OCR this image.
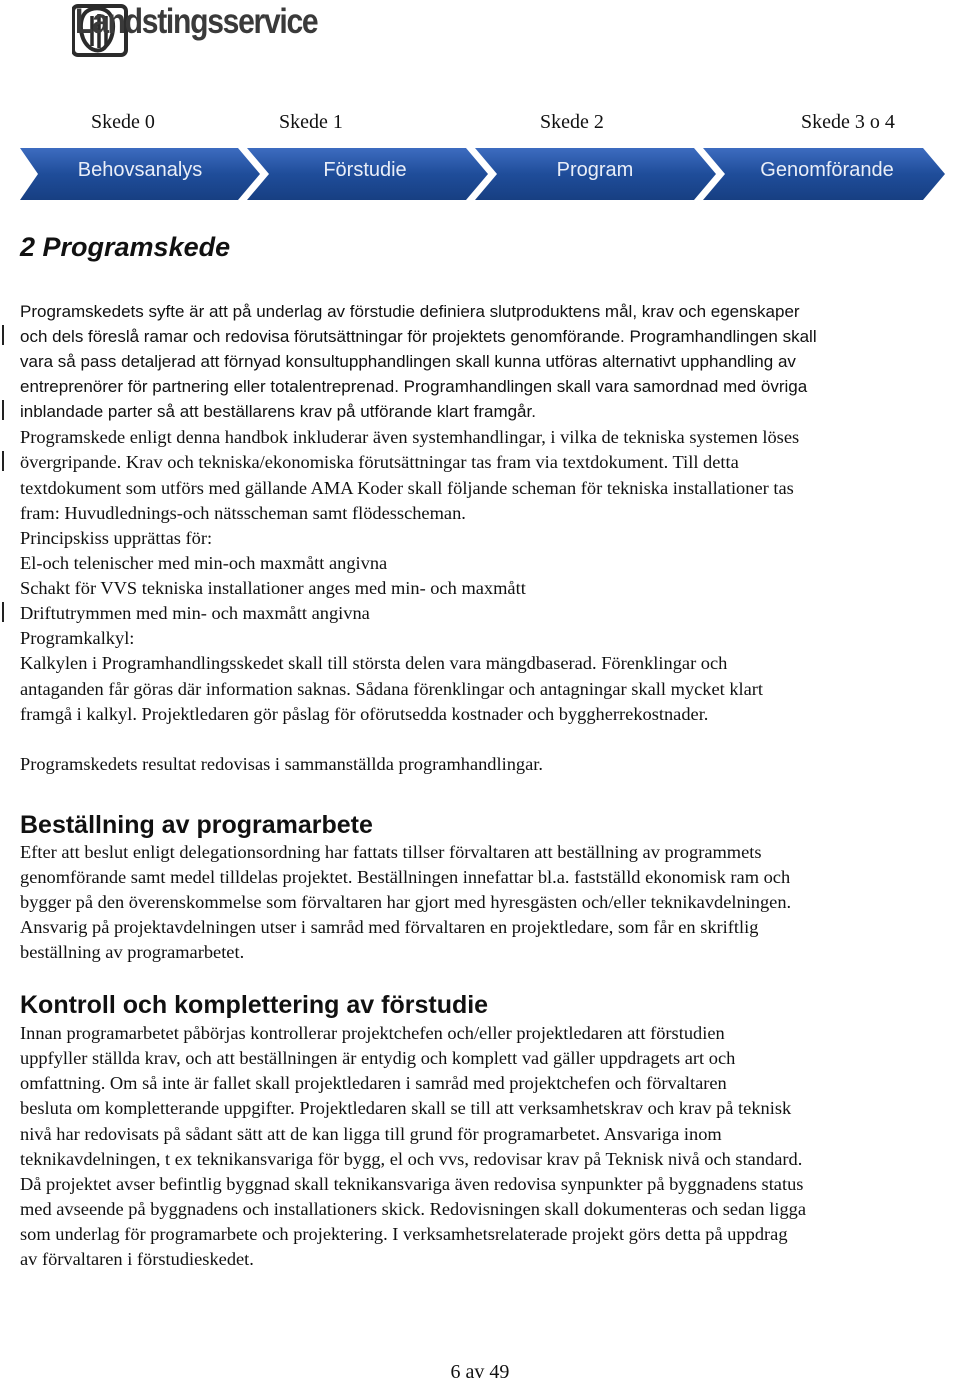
Landstingsservice
Skede 0	Skede 1	Skede 2	Skede 3 o 4
Behovsanalys	Förstudie	Program	Genomförande
2 Programskede
Programskedets syfte är att på underlag av förstudie definiera slutproduktens mål, krav och egenskaper
och dels föreslå ramar och redovisa förutsättningar för projektets genomförande. Programhandlingen skall
vara så pass detaljerad att förnyad konsultupphandlingen skall kunna utföras alternativt upphandling av
entreprenörer för partnering eller totalentreprenad. Programhandlingen skall vara samordnad med övriga
inblandade parter så att beställarens krav på utförande klart framgår.
Programskede enligt denna handbok inkluderar även systemhandlingar, i vilka de tekniska systemen löses
övergripande. Krav och tekniska/ekonomiska förutsättningar tas fram via textdokument. Till detta
textdokument som utförs med gällande AMA Koder skall följande scheman för tekniska installationer tas
fram: Huvudlednings-och nätsscheman samt flödesscheman.
Principskiss upprättas för:
El-och telenischer med min-och maxmått angivna
Schakt för VVS tekniska installationer anges med min- och maxmått
Driftutrymmen med min- och maxmått angivna
Programkalkyl:
Kalkylen i Programhandlingsskedet skall till största delen vara mängdbaserad. Förenklingar och
antaganden får göras där information saknas. Sådana förenklingar och antagningar skall mycket klart
framgå i kalkyl. Projektledaren gör påslag för oförutsedda kostnader och byggherrekostnader.
Programskedets resultat redovisas i sammanställda programhandlingar.
Beställning av programarbete
Efter att beslut enligt delegationsordning har fattats tillser förvaltaren att beställning av programmets
genomförande samt medel tilldelas projektet. Beställningen innefattar bl.a. fastställd ekonomisk ram och
bygger på den överenskommelse som förvaltaren har gjort med hyresgästen och/eller teknikavdelningen.
Ansvarig på projektavdelningen utser i samråd med förvaltaren en projektledare, som får en skriftlig
beställning av programarbetet.
Kontroll och komplettering av förstudie
Innan programarbetet påbörjas kontrollerar projektchefen och/eller projektledaren att förstudien
uppfyller ställda krav, och att beställningen är entydig och komplett vad gäller uppdragets art och
omfattning. Om så inte är fallet skall projektledaren i samråd med projektchefen och förvaltaren
besluta om kompletterande uppgifter. Projektledaren skall se till att verksamhetskrav och krav på teknisk
nivå har redovisats på sådant sätt att de kan ligga till grund för programarbetet. Ansvariga inom
teknikavdelningen, t ex teknikansvariga för bygg, el och vvs, redovisar krav på Teknisk nivå och standard.
Då projektet avser befintlig byggnad skall teknikansvariga även redovisa synpunkter på byggnadens status
med avseende på byggnadens och installationers skick. Redovisningen skall dokumenteras och sedan ligga
som underlag för programarbete och projektering. I verksamhetsrelaterade projekt görs detta på uppdrag
av förvaltaren i förstudieskedet.
6 av 49
